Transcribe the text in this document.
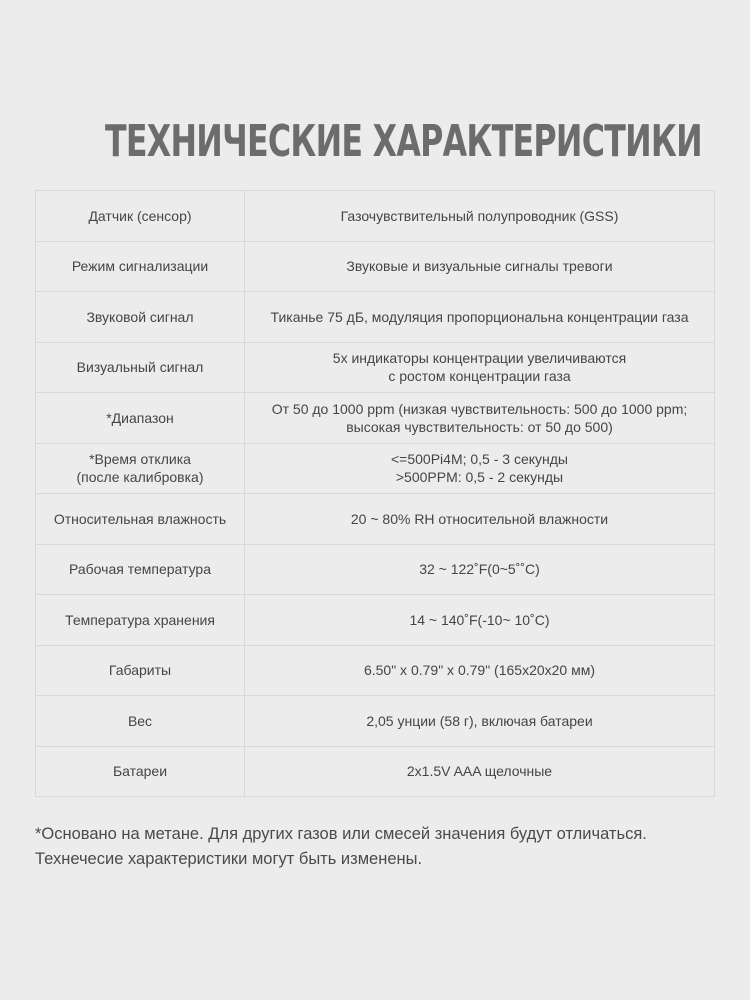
ТЕХНИЧЕСКИЕ ХАРАКТЕРИСТИКИ
Датчик (сенсор)	Газочувствительный полупроводник (GSS)

Режим сигнализации	Звуковые и визуальные сигналы тревоги

Звуковой сигнал	Тиканье 75 дБ, модуляция пропорциональна концентрации газа

Визуальный сигнал	5x индикаторы концентрации увеличиваются
с ростом концентрации газа

*Диапазон	От 50 до 1000 ppm (низкая чувствительность: 500 до 1000 ppm;
высокая чувствительность: от 50 до 500)

*Время отклика
(после калибровка)	<=500Pi4M; 0,5 - 3 секунды
>500PPM: 0,5 - 2 секунды

Относительная влажность	20 ~ 80% RH относительной влажности

Рабочая температура	32 ~ 122˚F(0~5˚˚C)

Температура хранения	14 ~ 140˚F(-10~ 10˚C)

Габариты	6.50" x 0.79" x 0.79" (165x20x20 мм)

Вес	2,05 унции (58 г), включая батареи

Батареи	2x1.5V AAA щелочные
*Основано на метане. Для других газов или смесей значения будут отличаться.
Технечесие характеристики могут быть изменены.
